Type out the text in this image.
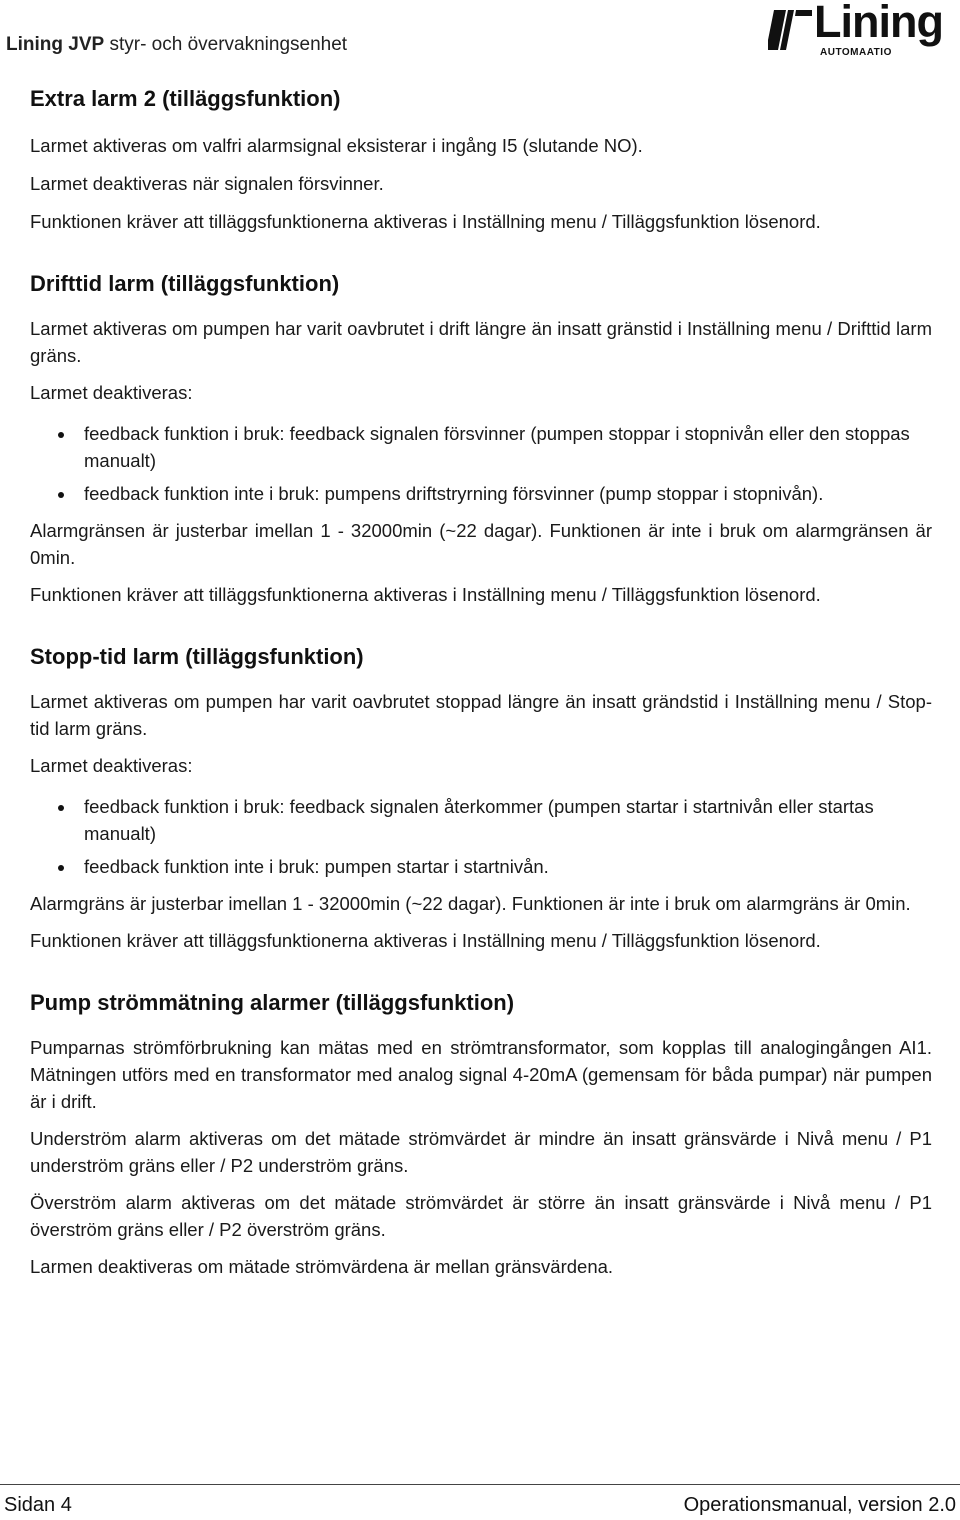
Lining JVP styr- och övervakningsenhet	Lining
AUTOMAATIO
Extra larm 2 (tilläggsfunktion)

Larmet aktiveras om valfri alarmsignal eksisterar i ingång I5 (slutande NO).

Larmet deaktiveras när signalen försvinner.

Funktionen kräver att tilläggsfunktionerna aktiveras i Inställning menu / Tilläggsfunktion lösenord.

Drifttid larm (tilläggsfunktion)

Larmet aktiveras om pumpen har varit oavbrutet i drift längre än insatt gränstid i Inställning menu / Drifttid larm gräns.

Larmet deaktiveras:

feedback funktion i bruk: feedback signalen försvinner (pumpen stoppar i stopnivån eller den stoppas manualt)
feedback funktion inte i bruk: pumpens driftstryrning försvinner (pump stoppar i stopnivån).

Alarmgränsen är justerbar imellan 1 - 32000min (~22 dagar). Funktionen är inte i bruk om alarmgränsen är 0min.

Funktionen kräver att tilläggsfunktionerna aktiveras i Inställning menu / Tilläggsfunktion lösenord.

Stopp-tid larm (tilläggsfunktion)

Larmet aktiveras om pumpen har varit oavbrutet stoppad längre än insatt grändstid i Inställning menu / Stop-tid larm gräns.

Larmet deaktiveras:

feedback funktion i bruk: feedback signalen återkommer (pumpen startar i startnivån eller startas manualt)
feedback funktion inte i bruk: pumpen startar i startnivån.

Alarmgräns är justerbar imellan 1 - 32000min (~22 dagar). Funktionen är inte i bruk om alarmgräns är 0min.

Funktionen kräver att tilläggsfunktionerna aktiveras i Inställning menu / Tilläggsfunktion lösenord.

Pump strömmätning alarmer (tilläggsfunktion)

Pumparnas strömförbrukning kan mätas med en strömtransformator, som kopplas till analogingången AI1. Mätningen utförs med en transformator med analog signal 4-20mA (gemensam för båda pumpar) när pumpen är i drift.

Underström alarm aktiveras om det mätade strömvärdet är mindre än insatt gränsvärde i Nivå menu / P1 underström gräns eller / P2 underström gräns.

Överström alarm aktiveras om det mätade strömvärdet är större än insatt gränsvärde i Nivå menu / P1 överström gräns eller / P2 överström gräns.

Larmen deaktiveras om mätade strömvärdena är mellan gränsvärdena.

Sidan 4	Operationsmanual, version 2.0
